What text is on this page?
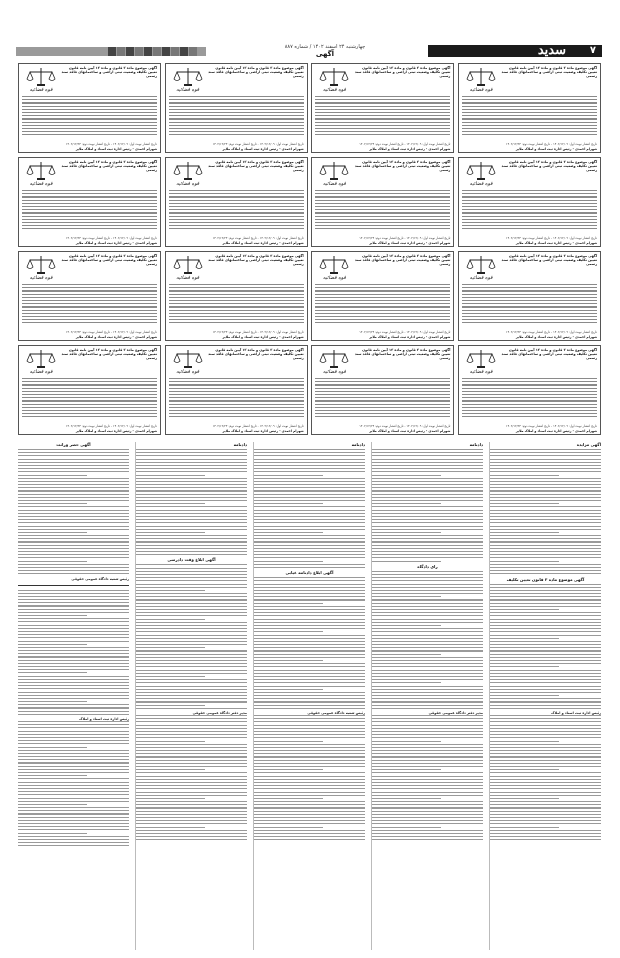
چهارشنبه ۲۴ اسفند ۱۴۰۲ / شماره ۸۸۷
آگهی	سدید ۷
قوه قضائیه
آگهی موضوع ماده ۳ قانون و ماده ۱۳ آیین نامه قانون تعیین تکلیف وضعیت ثبتی اراضی و ساختمانهای فاقد سند رسمی
تاریخ انتشار نوبت اول: ۱۴۰۲/۱۲/۰۹ - تاریخ انتشار نوبت دوم: ۱۴۰۲/۱۲/۲۴
شهرام احمدی - رئیس اداره ثبت اسناد و املاک ملایر
قوه قضائیه
آگهی موضوع ماده ۳ قانون و ماده ۱۳ آیین نامه قانون تعیین تکلیف وضعیت ثبتی اراضی و ساختمانهای فاقد سند رسمی
تاریخ انتشار نوبت اول: ۱۴۰۲/۱۲/۰۹ - تاریخ انتشار نوبت دوم: ۱۴۰۲/۱۲/۲۴
شهرام احمدی - رئیس اداره ثبت اسناد و املاک ملایر
قوه قضائیه
آگهی موضوع ماده ۳ قانون و ماده ۱۳ آیین نامه قانون تعیین تکلیف وضعیت ثبتی اراضی و ساختمانهای فاقد سند رسمی
تاریخ انتشار نوبت اول: ۱۴۰۲/۱۲/۰۹ - تاریخ انتشار نوبت دوم: ۱۴۰۲/۱۲/۲۴
شهرام احمدی - رئیس اداره ثبت اسناد و املاک ملایر
قوه قضائیه
آگهی موضوع ماده ۳ قانون و ماده ۱۳ آیین نامه قانون تعیین تکلیف وضعیت ثبتی اراضی و ساختمانهای فاقد سند رسمی
تاریخ انتشار نوبت اول: ۱۴۰۲/۱۲/۰۹ - تاریخ انتشار نوبت دوم: ۱۴۰۲/۱۲/۲۴
شهرام احمدی - رئیس اداره ثبت اسناد و املاک ملایر
قوه قضائیه
آگهی موضوع ماده ۳ قانون و ماده ۱۳ آیین نامه قانون تعیین تکلیف وضعیت ثبتی اراضی و ساختمانهای فاقد سند رسمی
تاریخ انتشار نوبت اول: ۱۴۰۲/۱۲/۰۹ - تاریخ انتشار نوبت دوم: ۱۴۰۲/۱۲/۲۴
شهرام احمدی - رئیس اداره ثبت اسناد و املاک ملایر
قوه قضائیه
آگهی موضوع ماده ۳ قانون و ماده ۱۳ آیین نامه قانون تعیین تکلیف وضعیت ثبتی اراضی و ساختمانهای فاقد سند رسمی
تاریخ انتشار نوبت اول: ۱۴۰۲/۱۲/۰۹ - تاریخ انتشار نوبت دوم: ۱۴۰۲/۱۲/۲۴
شهرام احمدی - رئیس اداره ثبت اسناد و املاک ملایر
قوه قضائیه
آگهی موضوع ماده ۳ قانون و ماده ۱۳ آیین نامه قانون تعیین تکلیف وضعیت ثبتی اراضی و ساختمانهای فاقد سند رسمی
تاریخ انتشار نوبت اول: ۱۴۰۲/۱۲/۰۹ - تاریخ انتشار نوبت دوم: ۱۴۰۲/۱۲/۲۴
شهرام احمدی - رئیس اداره ثبت اسناد و املاک ملایر
قوه قضائیه
آگهی موضوع ماده ۳ قانون و ماده ۱۳ آیین نامه قانون تعیین تکلیف وضعیت ثبتی اراضی و ساختمانهای فاقد سند رسمی
تاریخ انتشار نوبت اول: ۱۴۰۲/۱۲/۰۹ - تاریخ انتشار نوبت دوم: ۱۴۰۲/۱۲/۲۴
شهرام احمدی - رئیس اداره ثبت اسناد و املاک ملایر
قوه قضائیه
آگهی موضوع ماده ۳ قانون و ماده ۱۳ آیین نامه قانون تعیین تکلیف وضعیت ثبتی اراضی و ساختمانهای فاقد سند رسمی
تاریخ انتشار نوبت اول: ۱۴۰۲/۱۲/۰۹ - تاریخ انتشار نوبت دوم: ۱۴۰۲/۱۲/۲۴
شهرام احمدی - رئیس اداره ثبت اسناد و املاک ملایر
قوه قضائیه
آگهی موضوع ماده ۳ قانون و ماده ۱۳ آیین نامه قانون تعیین تکلیف وضعیت ثبتی اراضی و ساختمانهای فاقد سند رسمی
تاریخ انتشار نوبت اول: ۱۴۰۲/۱۲/۰۹ - تاریخ انتشار نوبت دوم: ۱۴۰۲/۱۲/۲۴
شهرام احمدی - رئیس اداره ثبت اسناد و املاک ملایر
قوه قضائیه
آگهی موضوع ماده ۳ قانون و ماده ۱۳ آیین نامه قانون تعیین تکلیف وضعیت ثبتی اراضی و ساختمانهای فاقد سند رسمی
تاریخ انتشار نوبت اول: ۱۴۰۲/۱۲/۰۹ - تاریخ انتشار نوبت دوم: ۱۴۰۲/۱۲/۲۴
شهرام احمدی - رئیس اداره ثبت اسناد و املاک ملایر
قوه قضائیه
آگهی موضوع ماده ۳ قانون و ماده ۱۳ آیین نامه قانون تعیین تکلیف وضعیت ثبتی اراضی و ساختمانهای فاقد سند رسمی
تاریخ انتشار نوبت اول: ۱۴۰۲/۱۲/۰۹ - تاریخ انتشار نوبت دوم: ۱۴۰۲/۱۲/۲۴
شهرام احمدی - رئیس اداره ثبت اسناد و املاک ملایر
قوه قضائیه
آگهی موضوع ماده ۳ قانون و ماده ۱۳ آیین نامه قانون تعیین تکلیف وضعیت ثبتی اراضی و ساختمانهای فاقد سند رسمی
تاریخ انتشار نوبت اول: ۱۴۰۲/۱۲/۰۹ - تاریخ انتشار نوبت دوم: ۱۴۰۲/۱۲/۲۴
شهرام احمدی - رئیس اداره ثبت اسناد و املاک ملایر
قوه قضائیه
آگهی موضوع ماده ۳ قانون و ماده ۱۳ آیین نامه قانون تعیین تکلیف وضعیت ثبتی اراضی و ساختمانهای فاقد سند رسمی
تاریخ انتشار نوبت اول: ۱۴۰۲/۱۲/۰۹ - تاریخ انتشار نوبت دوم: ۱۴۰۲/۱۲/۲۴
شهرام احمدی - رئیس اداره ثبت اسناد و املاک ملایر
قوه قضائیه
آگهی موضوع ماده ۳ قانون و ماده ۱۳ آیین نامه قانون تعیین تکلیف وضعیت ثبتی اراضی و ساختمانهای فاقد سند رسمی
تاریخ انتشار نوبت اول: ۱۴۰۲/۱۲/۰۹ - تاریخ انتشار نوبت دوم: ۱۴۰۲/۱۲/۲۴
شهرام احمدی - رئیس اداره ثبت اسناد و املاک ملایر
قوه قضائیه
آگهی موضوع ماده ۳ قانون و ماده ۱۳ آیین نامه قانون تعیین تکلیف وضعیت ثبتی اراضی و ساختمانهای فاقد سند رسمی
تاریخ انتشار نوبت اول: ۱۴۰۲/۱۲/۰۹ - تاریخ انتشار نوبت دوم: ۱۴۰۲/۱۲/۲۴
شهرام احمدی - رئیس اداره ثبت اسناد و املاک ملایر
آگهی حصر وراثت
رئیس شعبه دادگاه عمومی حقوقی
رئیس اداره ثبت اسناد و املاک
دادنامه
آگهی ابلاغ وقت دادرسی
مدیر دفتر دادگاه عمومی حقوقی
دادنامه
آگهی ابلاغ دادنامه غیابی
رئیس شعبه دادگاه عمومی حقوقی
دادنامه
رای دادگاه
مدیر دفتر دادگاه عمومی حقوقی
آگهی مزایده
آگهی موضوع ماده ۳ قانون تعیین تکلیف
رئیس اداره ثبت اسناد و املاک
